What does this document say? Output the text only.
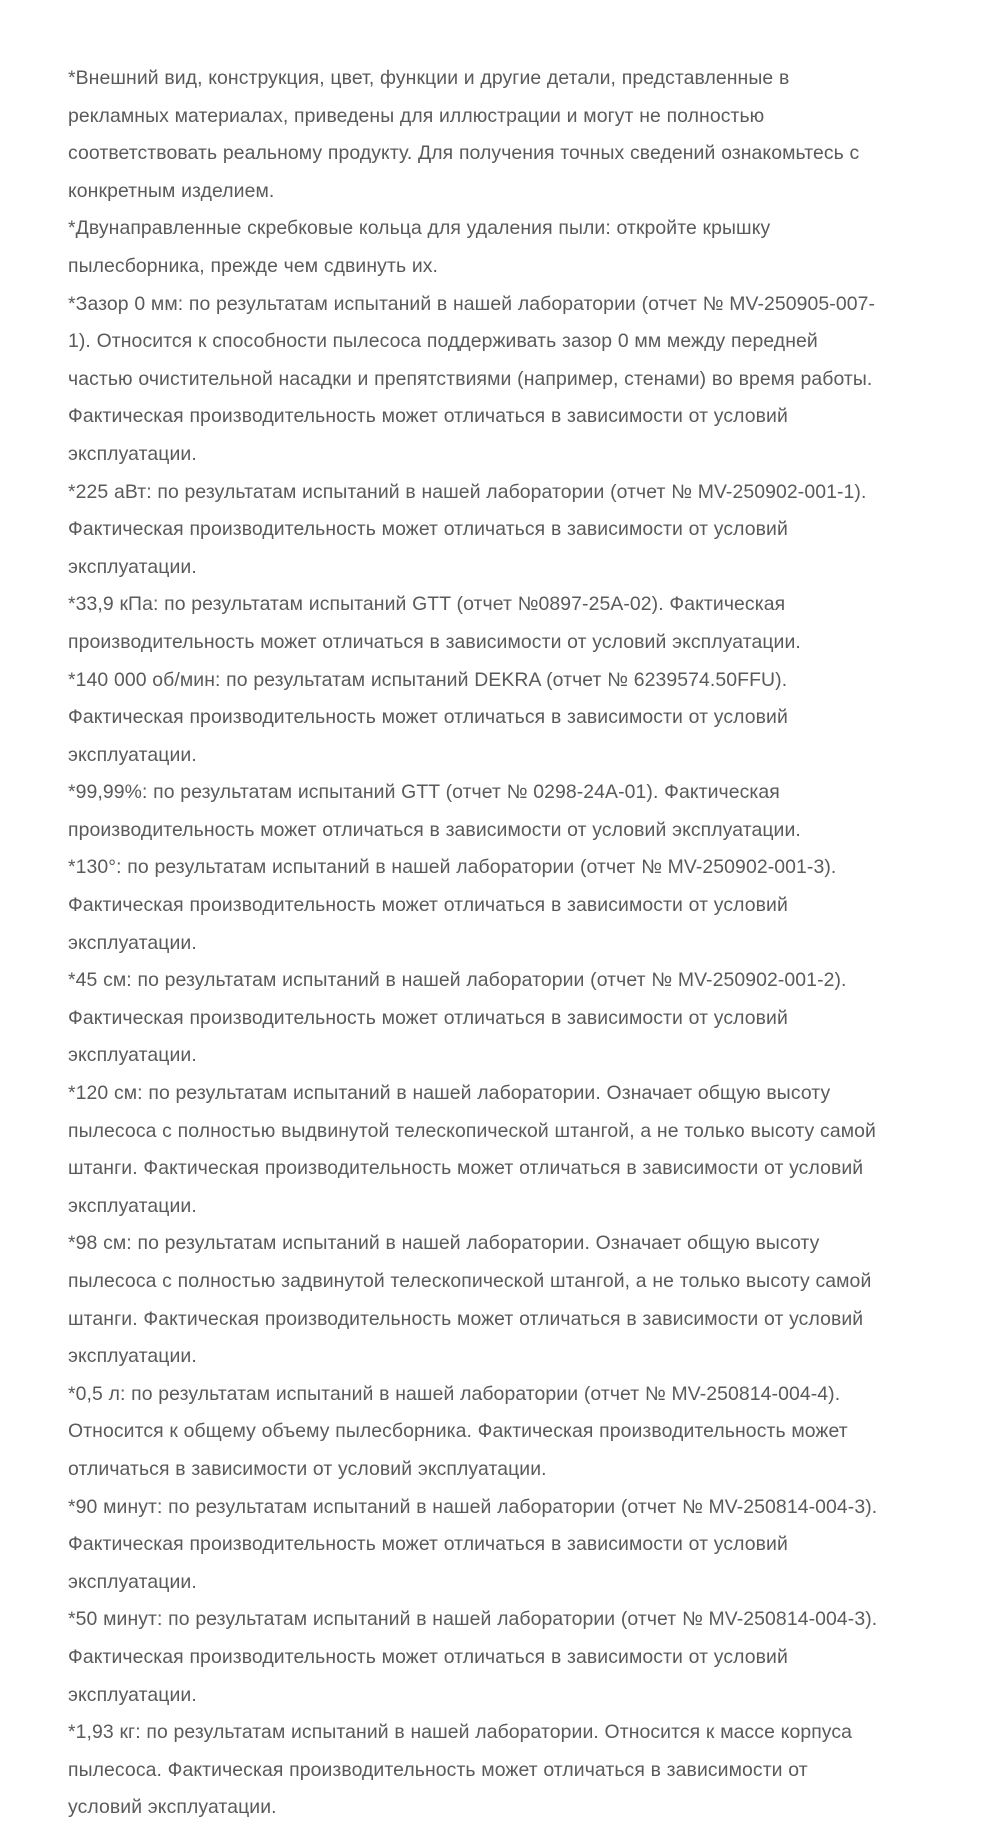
*Внешний вид, конструкция, цвет, функции и другие детали, представленные в рекламных материалах, приведены для иллюстрации и могут не полностью соответствовать реальному продукту. Для получения точных сведений ознакомьтесь с конкретным изделием.
*Двунаправленные скребковые кольца для удаления пыли: откройте крышку пылесборника, прежде чем сдвинуть их.
*Зазор 0 мм: по результатам испытаний в нашей лаборатории (отчет № MV-250905-007-1). Относится к способности пылесоса поддерживать зазор 0 мм между передней частью очистительной насадки и препятствиями (например, стенами) во время работы. Фактическая производительность может отличаться в зависимости от условий эксплуатации.
*225 аВт: по результатам испытаний в нашей лаборатории (отчет № MV-250902-001-1). Фактическая производительность может отличаться в зависимости от условий эксплуатации.
*33,9 кПа: по результатам испытаний GTT (отчет №0897-25A-02). Фактическая производительность может отличаться в зависимости от условий эксплуатации.
*140 000 об/мин: по результатам испытаний DEKRA (отчет № 6239574.50FFU). Фактическая производительность может отличаться в зависимости от условий эксплуатации.
*99,99%: по результатам испытаний GTT (отчет № 0298-24A-01). Фактическая производительность может отличаться в зависимости от условий эксплуатации.
*130°: по результатам испытаний в нашей лаборатории (отчет № MV-250902-001-3). Фактическая производительность может отличаться в зависимости от условий эксплуатации.
*45 см: по результатам испытаний в нашей лаборатории (отчет № MV-250902-001-2). Фактическая производительность может отличаться в зависимости от условий эксплуатации.
*120 см: по результатам испытаний в нашей лаборатории. Означает общую высоту пылесоса с полностью выдвинутой телескопической штангой, а не только высоту самой штанги. Фактическая производительность может отличаться в зависимости от условий эксплуатации.
*98 см: по результатам испытаний в нашей лаборатории. Означает общую высоту пылесоса с полностью задвинутой телескопической штангой, а не только высоту самой штанги. Фактическая производительность может отличаться в зависимости от условий эксплуатации.
*0,5 л: по результатам испытаний в нашей лаборатории (отчет № MV-250814-004-4). Относится к общему объему пылесборника. Фактическая производительность может отличаться в зависимости от условий эксплуатации.
*90 минут: по результатам испытаний в нашей лаборатории (отчет № MV-250814-004-3). Фактическая производительность может отличаться в зависимости от условий эксплуатации.
*50 минут: по результатам испытаний в нашей лаборатории (отчет № MV-250814-004-3). Фактическая производительность может отличаться в зависимости от условий эксплуатации.
*1,93 кг: по результатам испытаний в нашей лаборатории. Относится к массе корпуса пылесоса. Фактическая производительность может отличаться в зависимости от условий эксплуатации.
